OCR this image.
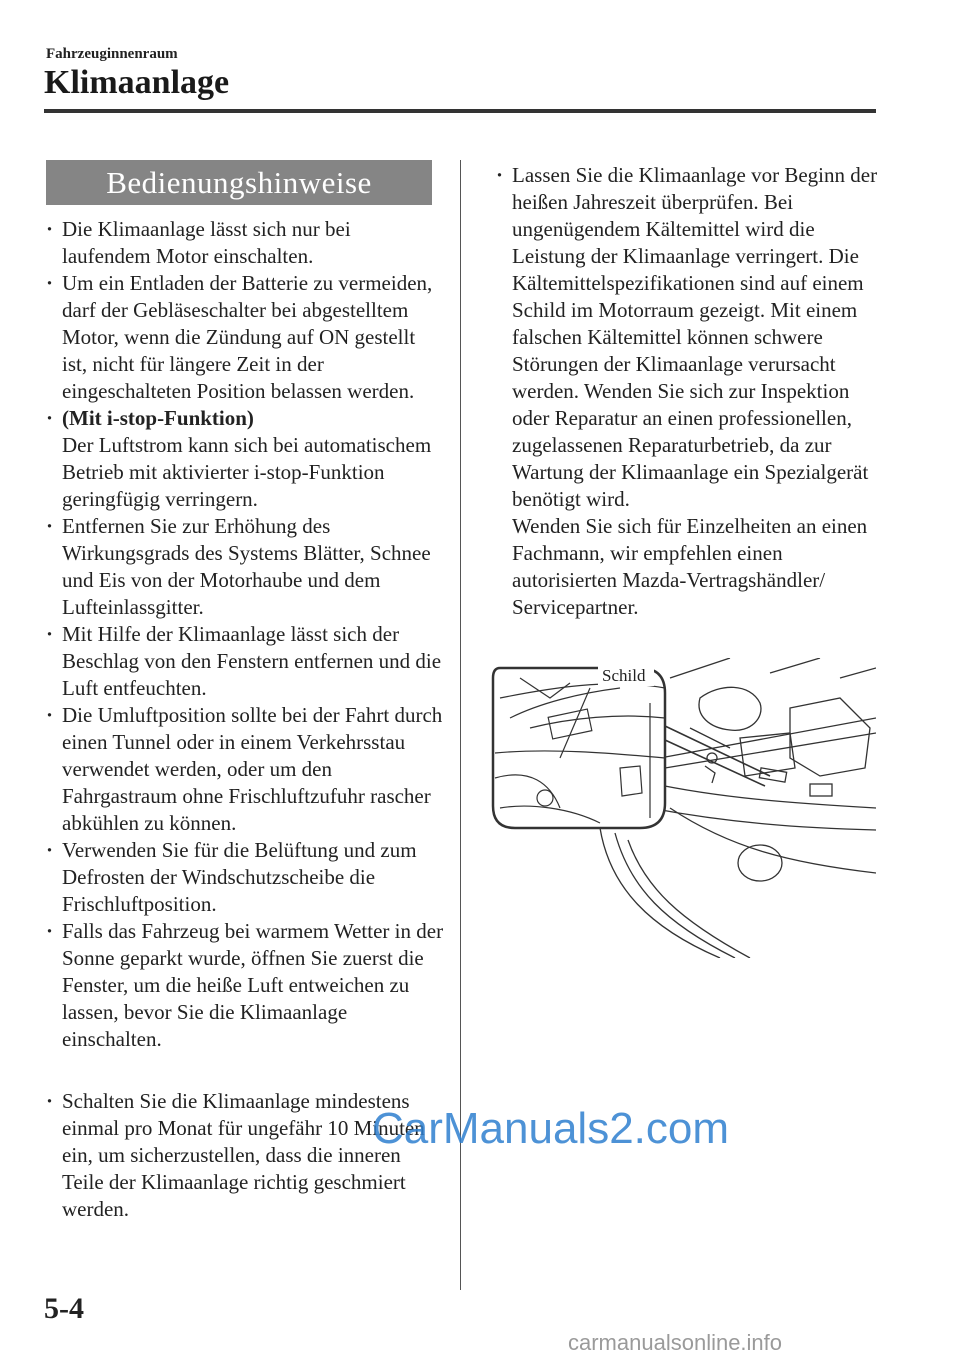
Fahrzeuginnenraum
Klimaanlage
Bedienungshinweise
· Die Klimaanlage lässt sich nur bei laufendem Motor einschalten.
· Um ein Entladen der Batterie zu vermeiden, darf der Gebläseschalter bei abgestelltem Motor, wenn die Zündung auf ON gestellt ist, nicht für längere Zeit in der eingeschalteten Position belassen werden.
· (Mit i-stop-Funktion)
Der Luftstrom kann sich bei automatischem Betrieb mit aktivierter i-stop-Funktion geringfügig verringern.
· Entfernen Sie zur Erhöhung des Wirkungsgrads des Systems Blätter, Schnee und Eis von der Motorhaube und dem Lufteinlassgitter.
· Mit Hilfe der Klimaanlage lässt sich der Beschlag von den Fenstern entfernen und die Luft entfeuchten.
· Die Umluftposition sollte bei der Fahrt durch einen Tunnel oder in einem Verkehrsstau verwendet werden, oder um den Fahrgastraum ohne Frischluftzufuhr rascher abkühlen zu können.
· Verwenden Sie für die Belüftung und zum Defrosten der Windschutzscheibe die Frischluftposition.
· Falls das Fahrzeug bei warmem Wetter in der Sonne geparkt wurde, öffnen Sie zuerst die Fenster, um die heiße Luft entweichen zu lassen, bevor Sie die Klimaanlage einschalten.
· Schalten Sie die Klimaanlage mindestens einmal pro Monat für ungefähr 10 Minuten ein, um sicherzustellen, dass die inneren Teile der Klimaanlage richtig geschmiert werden.
· Lassen Sie die Klimaanlage vor Beginn der heißen Jahreszeit überprüfen. Bei ungenügendem Kältemittel wird die Leistung der Klimaanlage verringert. Die Kältemittelspezifikationen sind auf einem Schild im Motorraum gezeigt. Mit einem falschen Kältemittel können schwere Störungen der Klimaanlage verursacht werden. Wenden Sie sich zur Inspektion oder Reparatur an einen professionellen, zugelassenen Reparaturbetrieb, da zur Wartung der Klimaanlage ein Spezialgerät benötigt wird.
Wenden Sie sich für Einzelheiten an einen Fachmann, wir empfehlen einen autorisierten Mazda-Vertragshändler/ Servicepartner.
Schild
CarManuals2.com
carmanualsonline.info
5-4
